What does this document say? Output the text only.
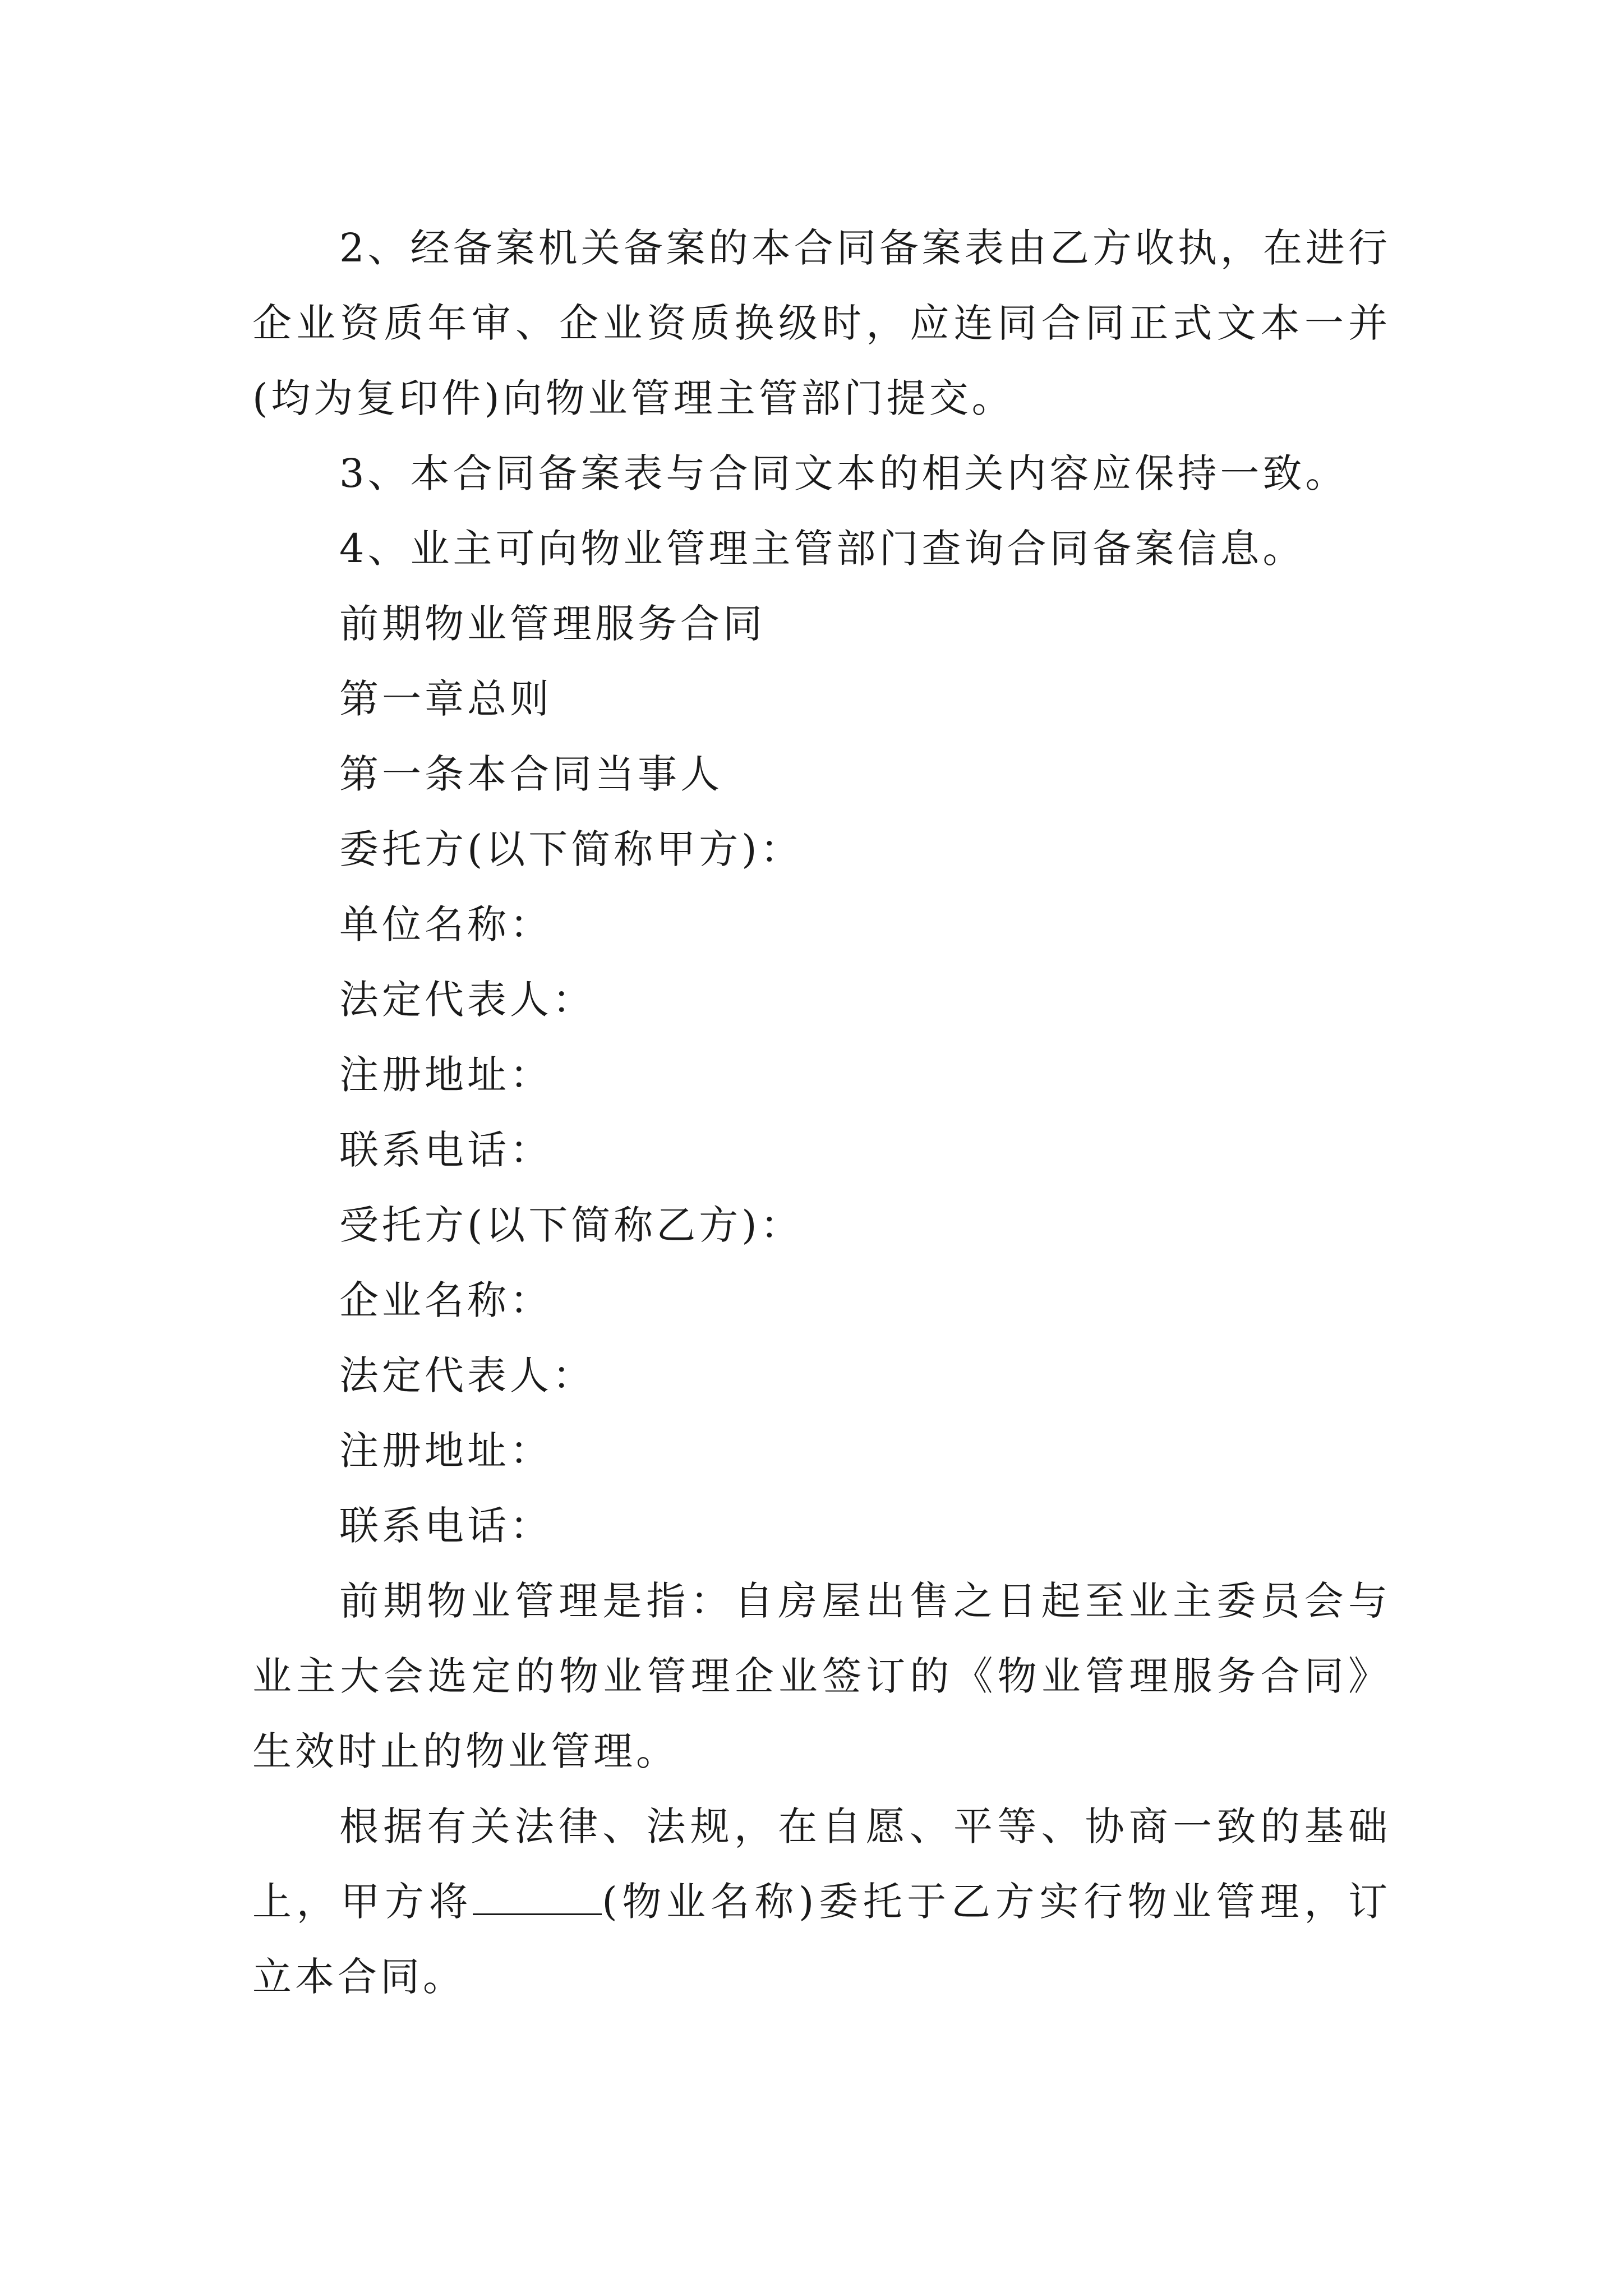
2、经备案机关备案的本合同备案表由乙方收执，在进行企业资质年审、企业资质换级时，应连同合同正式文本一并(均为复印件)向物业管理主管部门提交。

3、本合同备案表与合同文本的相关内容应保持一致。

4、业主可向物业管理主管部门查询合同备案信息。

前期物业管理服务合同

第一章总则

第一条本合同当事人

委托方(以下简称甲方)：

单位名称：

法定代表人：

注册地址：

联系电话：

受托方(以下简称乙方)：

企业名称：

法定代表人：

注册地址：

联系电话：

前期物业管理是指：自房屋出售之日起至业主委员会与业主大会选定的物业管理企业签订的《物业管理服务合同》生效时止的物业管理。

根据有关法律、法规，在自愿、平等、协商一致的基础上，甲方将	(物业名称)委托于乙方实行物业管理，订立本合同。
